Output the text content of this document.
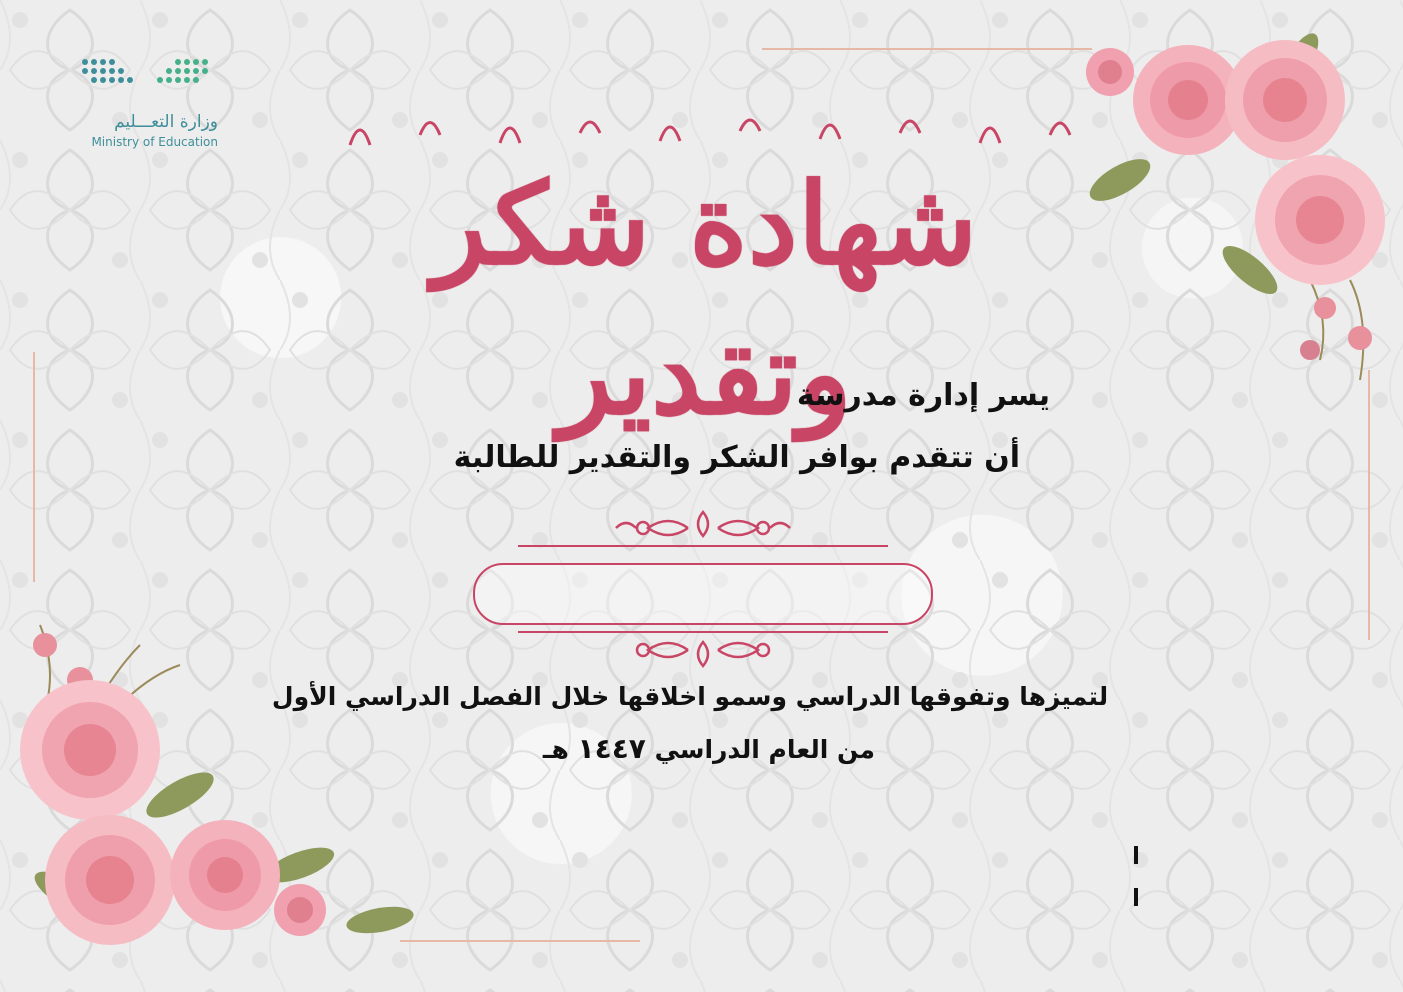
وزارة التعـــليم
Ministry of Education
شهادة شكر وتقدير
يسر إدارة مدرسة
أن تتقدم بوافر الشكر والتقدير للطالبة
لتميزها وتفوقها الدراسي وسمو اخلاقها خلال الفصل الدراسي الأول
من العام الدراسي ١٤٤٧ هـ
